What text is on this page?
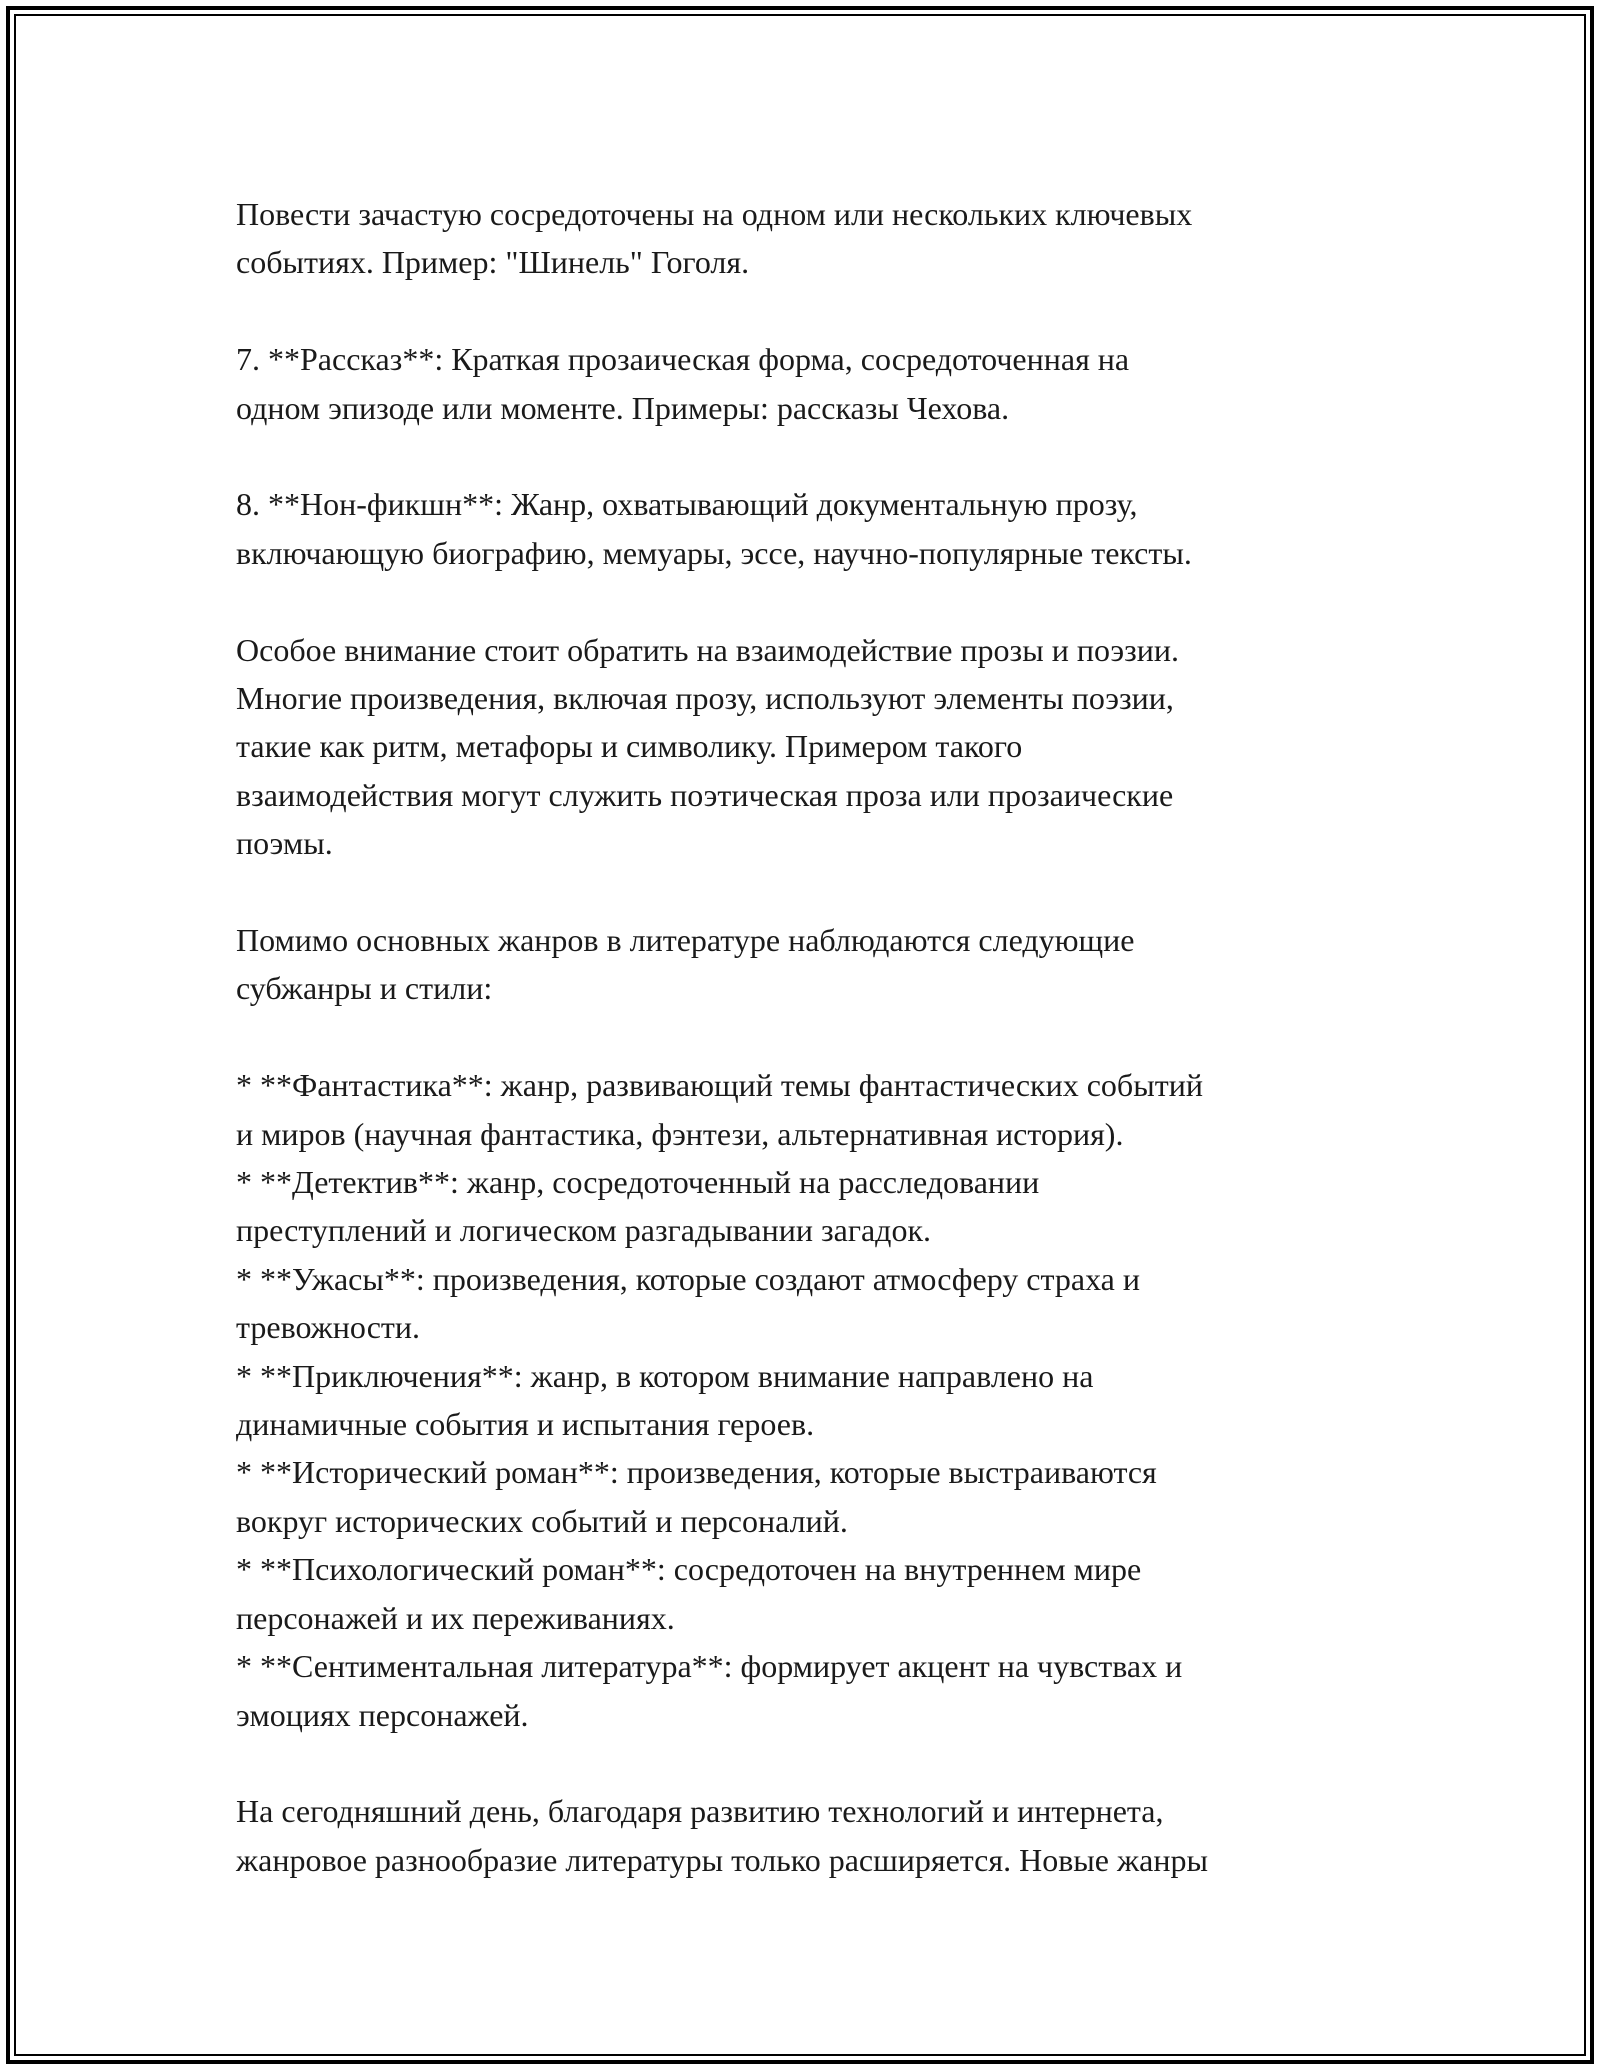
Повести зачастую сосредоточены на одном или нескольких ключевых
событиях. Пример: "Шинель" Гоголя.

7. **Рассказ**: Краткая прозаическая форма, сосредоточенная на
одном эпизоде или моменте. Примеры: рассказы Чехова.

8. **Нон-фикшн**: Жанр, охватывающий документальную прозу,
включающую биографию, мемуары, эссе, научно-популярные тексты.

Особое внимание стоит обратить на взаимодействие прозы и поэзии.
Многие произведения, включая прозу, используют элементы поэзии,
такие как ритм, метафоры и символику. Примером такого
взаимодействия могут служить поэтическая проза или прозаические
поэмы.

Помимо основных жанров в литературе наблюдаются следующие
субжанры и стили:

* **Фантастика**: жанр, развивающий темы фантастических событий
и миров (научная фантастика, фэнтези, альтернативная история).
* **Детектив**: жанр, сосредоточенный на расследовании
преступлений и логическом разгадывании загадок.
* **Ужасы**: произведения, которые создают атмосферу страха и
тревожности.
* **Приключения**: жанр, в котором внимание направлено на
динамичные события и испытания героев.
* **Исторический роман**: произведения, которые выстраиваются
вокруг исторических событий и персоналий.
* **Психологический роман**: сосредоточен на внутреннем мире
персонажей и их переживаниях.
* **Сентиментальная литература**: формирует акцент на чувствах и
эмоциях персонажей.

На сегодняшний день, благодаря развитию технологий и интернета,
жанровое разнообразие литературы только расширяется. Новые жанры
